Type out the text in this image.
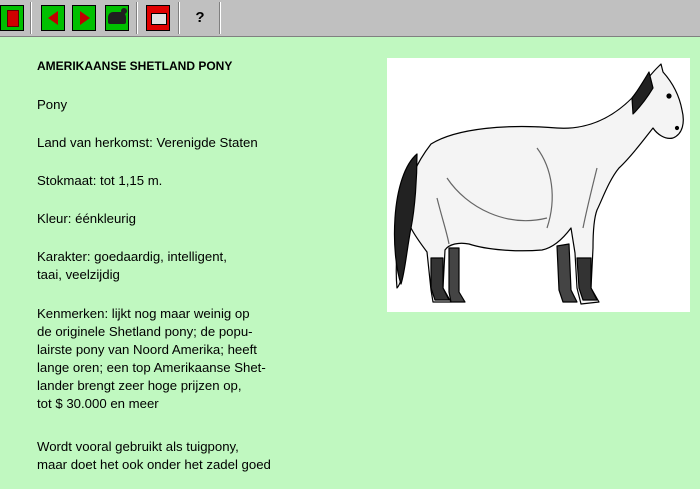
?

AMERIKAANSE SHETLAND PONY

Pony

Land van herkomst: Verenigde Staten

Stokmaat: tot 1,15 m.

Kleur: éénkleurig

Karakter: goedaardig, intelligent,
taai, veelzijdig

Kenmerken: lijkt nog maar weinig op
de originele Shetland pony; de popu-
lairste pony van Noord Amerika; heeft
lange oren; een top Amerikaanse Shet-
lander brengt zeer hoge prijzen op,
tot $ 30.000 en meer

Wordt vooral gebruikt als tuigpony,
maar doet het ook onder het zadel goed
